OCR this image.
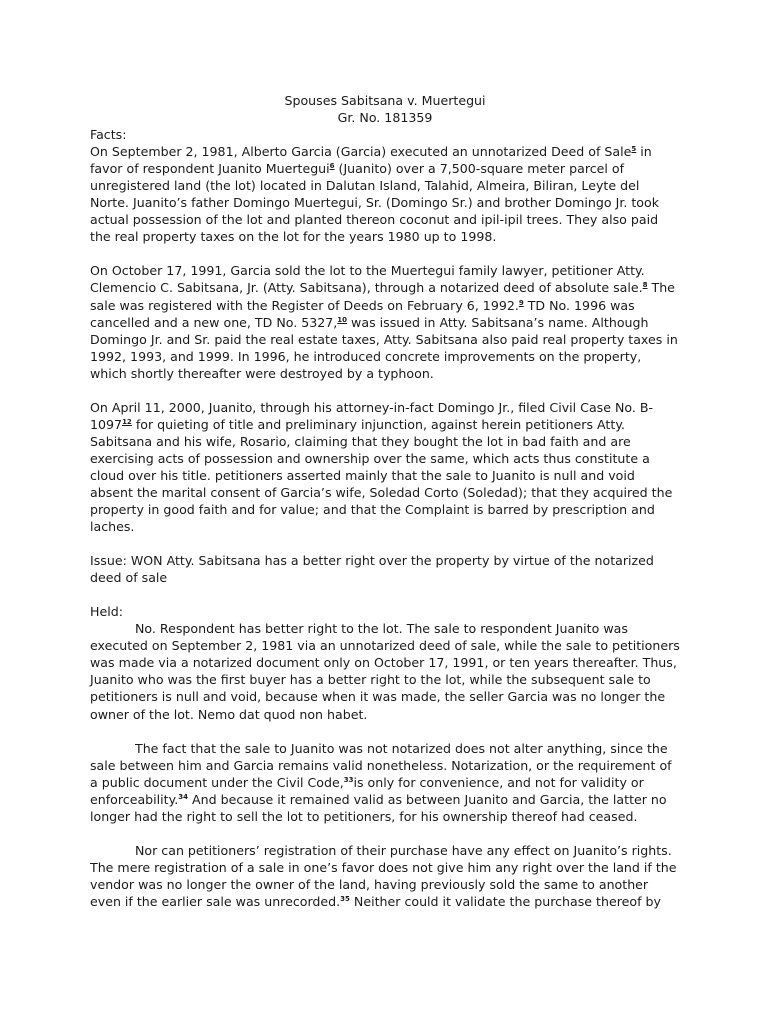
Spouses Sabitsana v. Muertegui

Gr. No. 181359

Facts:

On September 2, 1981, Alberto Garcia (Garcia) executed an unnotarized Deed of Sale$^5$ in favor of respondent Juanito Muertegui$^6$ (Juanito) over a 7,500-square meter parcel of unregistered land (the lot) located in Dalutan Island, Talahid, Almeira, Biliran, Leyte del Norte. Juanito’s father Domingo Muertegui, Sr. (Domingo Sr.) and brother Domingo Jr. took actual possession of the lot and planted thereon coconut and ipil-ipil trees. They also paid the real property taxes on the lot for the years 1980 up to 1998.

On October 17, 1991, Garcia sold the lot to the Muertegui family lawyer, petitioner Atty. Clemencio C. Sabitsana, Jr. (Atty. Sabitsana), through a notarized deed of absolute sale.$^8$ The sale was registered with the Register of Deeds on February 6, 1992.$^9$ TD No. 1996 was cancelled and a new one, TD No. 5327,10 was issued in Atty. Sabitsana’s name. Although Domingo Jr. and Sr. paid the real estate taxes, Atty. Sabitsana also paid real property taxes in 1992, 1993, and 1999. In 1996, he introduced concrete improvements on the property, which shortly thereafter were destroyed by a typhoon.

On April 11, 2000, Juanito, through his attorney-in-fact Domingo Jr., filed Civil Case No. B-1097$^{12}$ for quieting of title and preliminary injunction, against herein petitioners Atty. Sabitsana and his wife, Rosario, claiming that they bought the lot in bad faith and are exercising acts of possession and ownership over the same, which acts thus constitute a cloud over his title. petitioners asserted mainly that the sale to Juanito is null and void absent the marital consent of Garcia’s wife, Soledad Corto (Soledad); that they acquired the property in good faith and for value; and that the Complaint is barred by prescription and laches.

Issue: WON Atty. Sabitsana has a better right over the property by virtue of the notarized deed of sale

Held:

No. Respondent has better right to the lot. The sale to respondent Juanito was executed on September 2, 1981 via an unnotarized deed of sale, while the sale to petitioners was made via a notarized document only on October 17, 1991, or ten years thereafter. Thus, Juanito who was the first buyer has a better right to the lot, while the subsequent sale to petitioners is null and void, because when it was made, the seller Garcia was no longer the owner of the lot. Nemo dat quod non habet.

The fact that the sale to Juanito was not notarized does not alter anything, since the sale between him and Garcia remains valid nonetheless. Notarization, or the requirement of a public document under the Civil Code,$^{33}$is only for convenience, and not for validity or enforceability.$^{34}$ And because it remained valid as between Juanito and Garcia, the latter no longer had the right to sell the lot to petitioners, for his ownership thereof had ceased.

Nor can petitioners’ registration of their purchase have any effect on Juanito’s rights. The mere registration of a sale in one’s favor does not give him any right over the land if the vendor was no longer the owner of the land, having previously sold the same to another even if the earlier sale was unrecorded.$^{35}$ Neither could it validate the purchase thereof by
